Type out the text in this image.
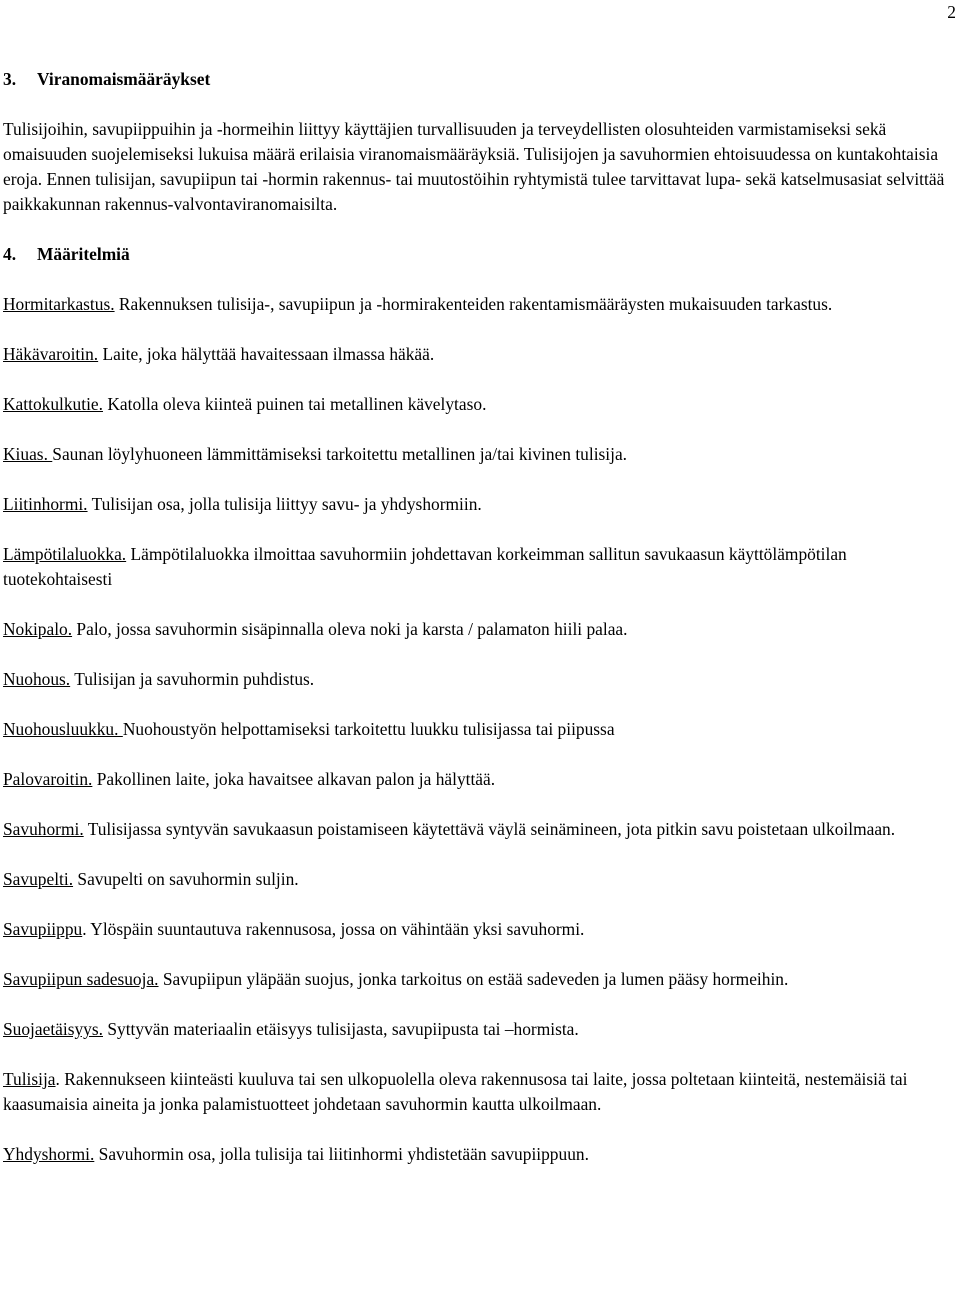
2
3.	Viranomaismääräykset
Tulisijoihin, savupiippuihin ja -hormeihin liittyy käyttäjien turvallisuuden ja terveydellisten olosuhteiden varmistamiseksi sekä omaisuuden suojelemiseksi lukuisa määrä erilaisia viranomaismääräyksiä. Tulisijojen ja savuhormien ehtoisuudessa on kuntakohtaisia eroja. Ennen tulisijan, savupiipun tai -hormin rakennus- tai muutostöihin ryhtymistä tulee tarvittavat lupa- sekä katselmusasiat selvittää paikkakunnan rakennus-valvontaviranomaisilta.
4.	Määritelmiä
Hormitarkastus. Rakennuksen tulisija-, savupiipun ja -hormirakenteiden rakentamismääräysten mukaisuuden tarkastus.
Häkävaroitin. Laite, joka hälyttää havaitessaan ilmassa häkää.
Kattokulkutie. Katolla oleva kiinteä puinen tai metallinen kävelytaso.
Kiuas. Saunan löylyhuoneen lämmittämiseksi tarkoitettu metallinen ja/tai kivinen tulisija.
Liitinhormi. Tulisijan osa, jolla tulisija liittyy savu- ja yhdyshormiin.
Lämpötilaluokka. Lämpötilaluokka ilmoittaa savuhormiin johdettavan korkeimman sallitun savukaasun käyttölämpötilan tuotekohtaisesti
Nokipalo. Palo, jossa savuhormin sisäpinnalla oleva noki ja karsta / palamaton hiili palaa.
Nuohous. Tulisijan ja savuhormin puhdistus.
Nuohousluukku. Nuohoustyön helpottamiseksi tarkoitettu luukku tulisijassa tai piipussa
Palovaroitin. Pakollinen laite, joka havaitsee alkavan palon ja hälyttää.
Savuhormi. Tulisijassa syntyvän savukaasun poistamiseen käytettävä väylä seinämineen, jota pitkin savu poistetaan ulkoilmaan.
Savupelti. Savupelti on savuhormin suljin.
Savupiippu. Ylöspäin suuntautuva rakennusosa, jossa on vähintään yksi savuhormi.
Savupiipun sadesuoja. Savupiipun yläpään suojus, jonka tarkoitus on estää sadeveden ja lumen pääsy hormeihin.
Suojaetäisyys. Syttyvän materiaalin etäisyys tulisijasta, savupiipusta tai –hormista.
Tulisija. Rakennukseen kiinteästi kuuluva tai sen ulkopuolella oleva rakennusosa tai laite, jossa poltetaan kiinteitä, nestemäisiä tai kaasumaisia aineita ja jonka palamistuotteet johdetaan savuhormin kautta ulkoilmaan.
Yhdyshormi. Savuhormin osa, jolla tulisija tai liitinhormi yhdistetään savupiippuun.
